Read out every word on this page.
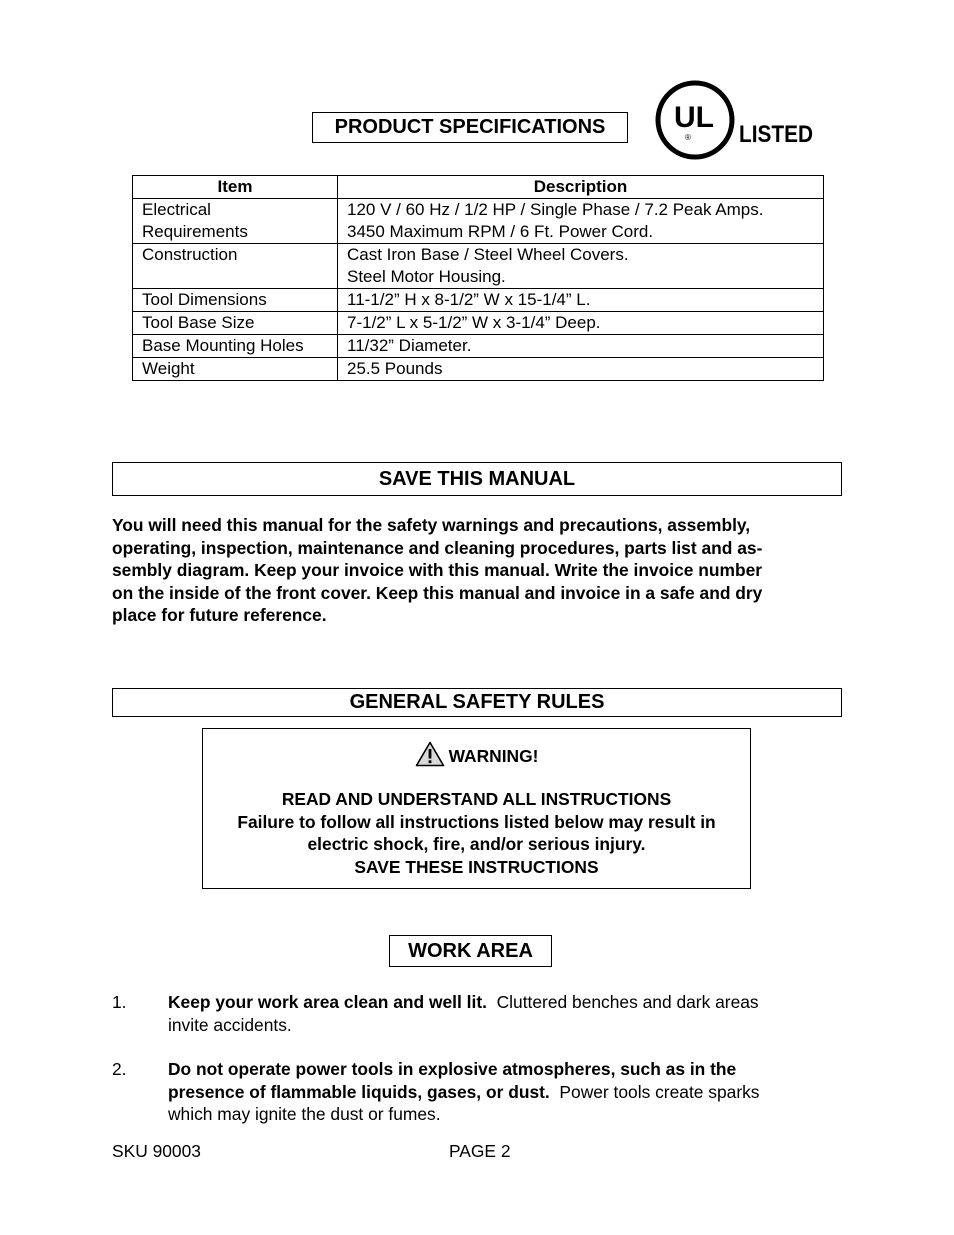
PRODUCT SPECIFICATIONS	UL
® LISTED
Item	Description

Electrical
Requirements	120 V / 60 Hz / 1/2 HP / Single Phase / 7.2 Peak Amps.
3450 Maximum RPM / 6 Ft. Power Cord.

Construction	Cast Iron Base / Steel Wheel Covers.
Steel Motor Housing.

Tool Dimensions	11-1/2” H x 8-1/2” W x 15-1/4” L.
Tool Base Size	7-1/2” L x 5-1/2” W x 3-1/4” Deep.
Base Mounting Holes	11/32” Diameter.
Weight	25.5 Pounds
SAVE THIS MANUAL
You will need this manual for the safety warnings and precautions, assembly,
operating, inspection, maintenance and cleaning procedures, parts list and as-
sembly diagram. Keep your invoice with this manual. Write the invoice number
on the inside of the front cover. Keep this manual and invoice in a safe and dry
place for future reference.
GENERAL SAFETY RULES
WARNING!
READ AND UNDERSTAND ALL INSTRUCTIONS
Failure to follow all instructions listed below may result in
electric shock, fire, and/or serious injury.
SAVE THESE INSTRUCTIONS
WORK AREA
1. Keep your work area clean and well lit. Cluttered benches and dark areas
invite accidents.
2. Do not operate power tools in explosive atmospheres, such as in the
presence of flammable liquids, gases, or dust. Power tools create sparks
which may ignite the dust or fumes.
SKU 90003	PAGE 2
